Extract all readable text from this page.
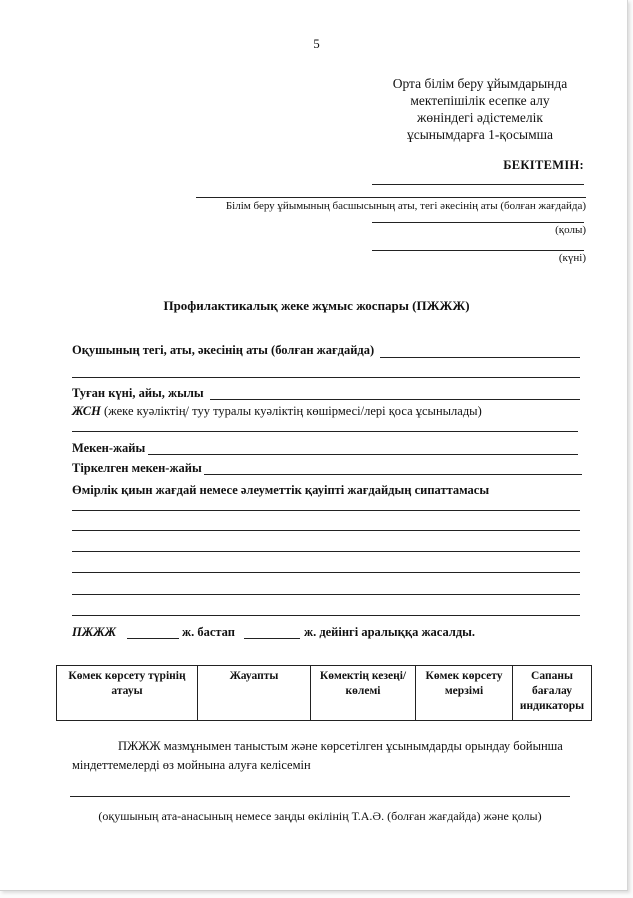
5
Орта білім беру ұйымдарында
мектепішілік есепке алу
жөніндегі әдістемелік
ұсынымдарға 1-қосымша
БЕКІТЕМІН:
Білім беру ұйымының басшысының аты, тегі әкесінің аты (болған жағдайда)
(қолы)
(күні)
Профилактикалық жеке жұмыс жоспары (ПЖЖЖ)
Оқушының тегі, аты, әкесінің аты (болған жағдайда)
Туған күні, айы, жылы
ЖСН (жеке куәліктің/ туу туралы куәліктің көшірмесі/лері қоса ұсынылады)
Мекен-жайы
Тіркелген мекен-жайы
Өмірлік қиын жағдай немесе әлеуметтік қауіпті жағдайдың сипаттамасы
ПЖЖЖ	ж. бастап	ж. дейінгі аралыққа жасалды.
Көмек көрсету түрінің атауы	Жауапты	Көмектің кезеңі/ көлемі	Көмек көрсету мерзімі	Сапаны бағалау индикаторы
ПЖЖЖ мазмұнымен таныстым және көрсетілген ұсынымдарды орындау бойынша міндеттемелерді өз мойнына алуға келісемін
(оқушының ата-анасының немесе заңды өкілінің Т.А.Ә. (болған жағдайда) және қолы)
